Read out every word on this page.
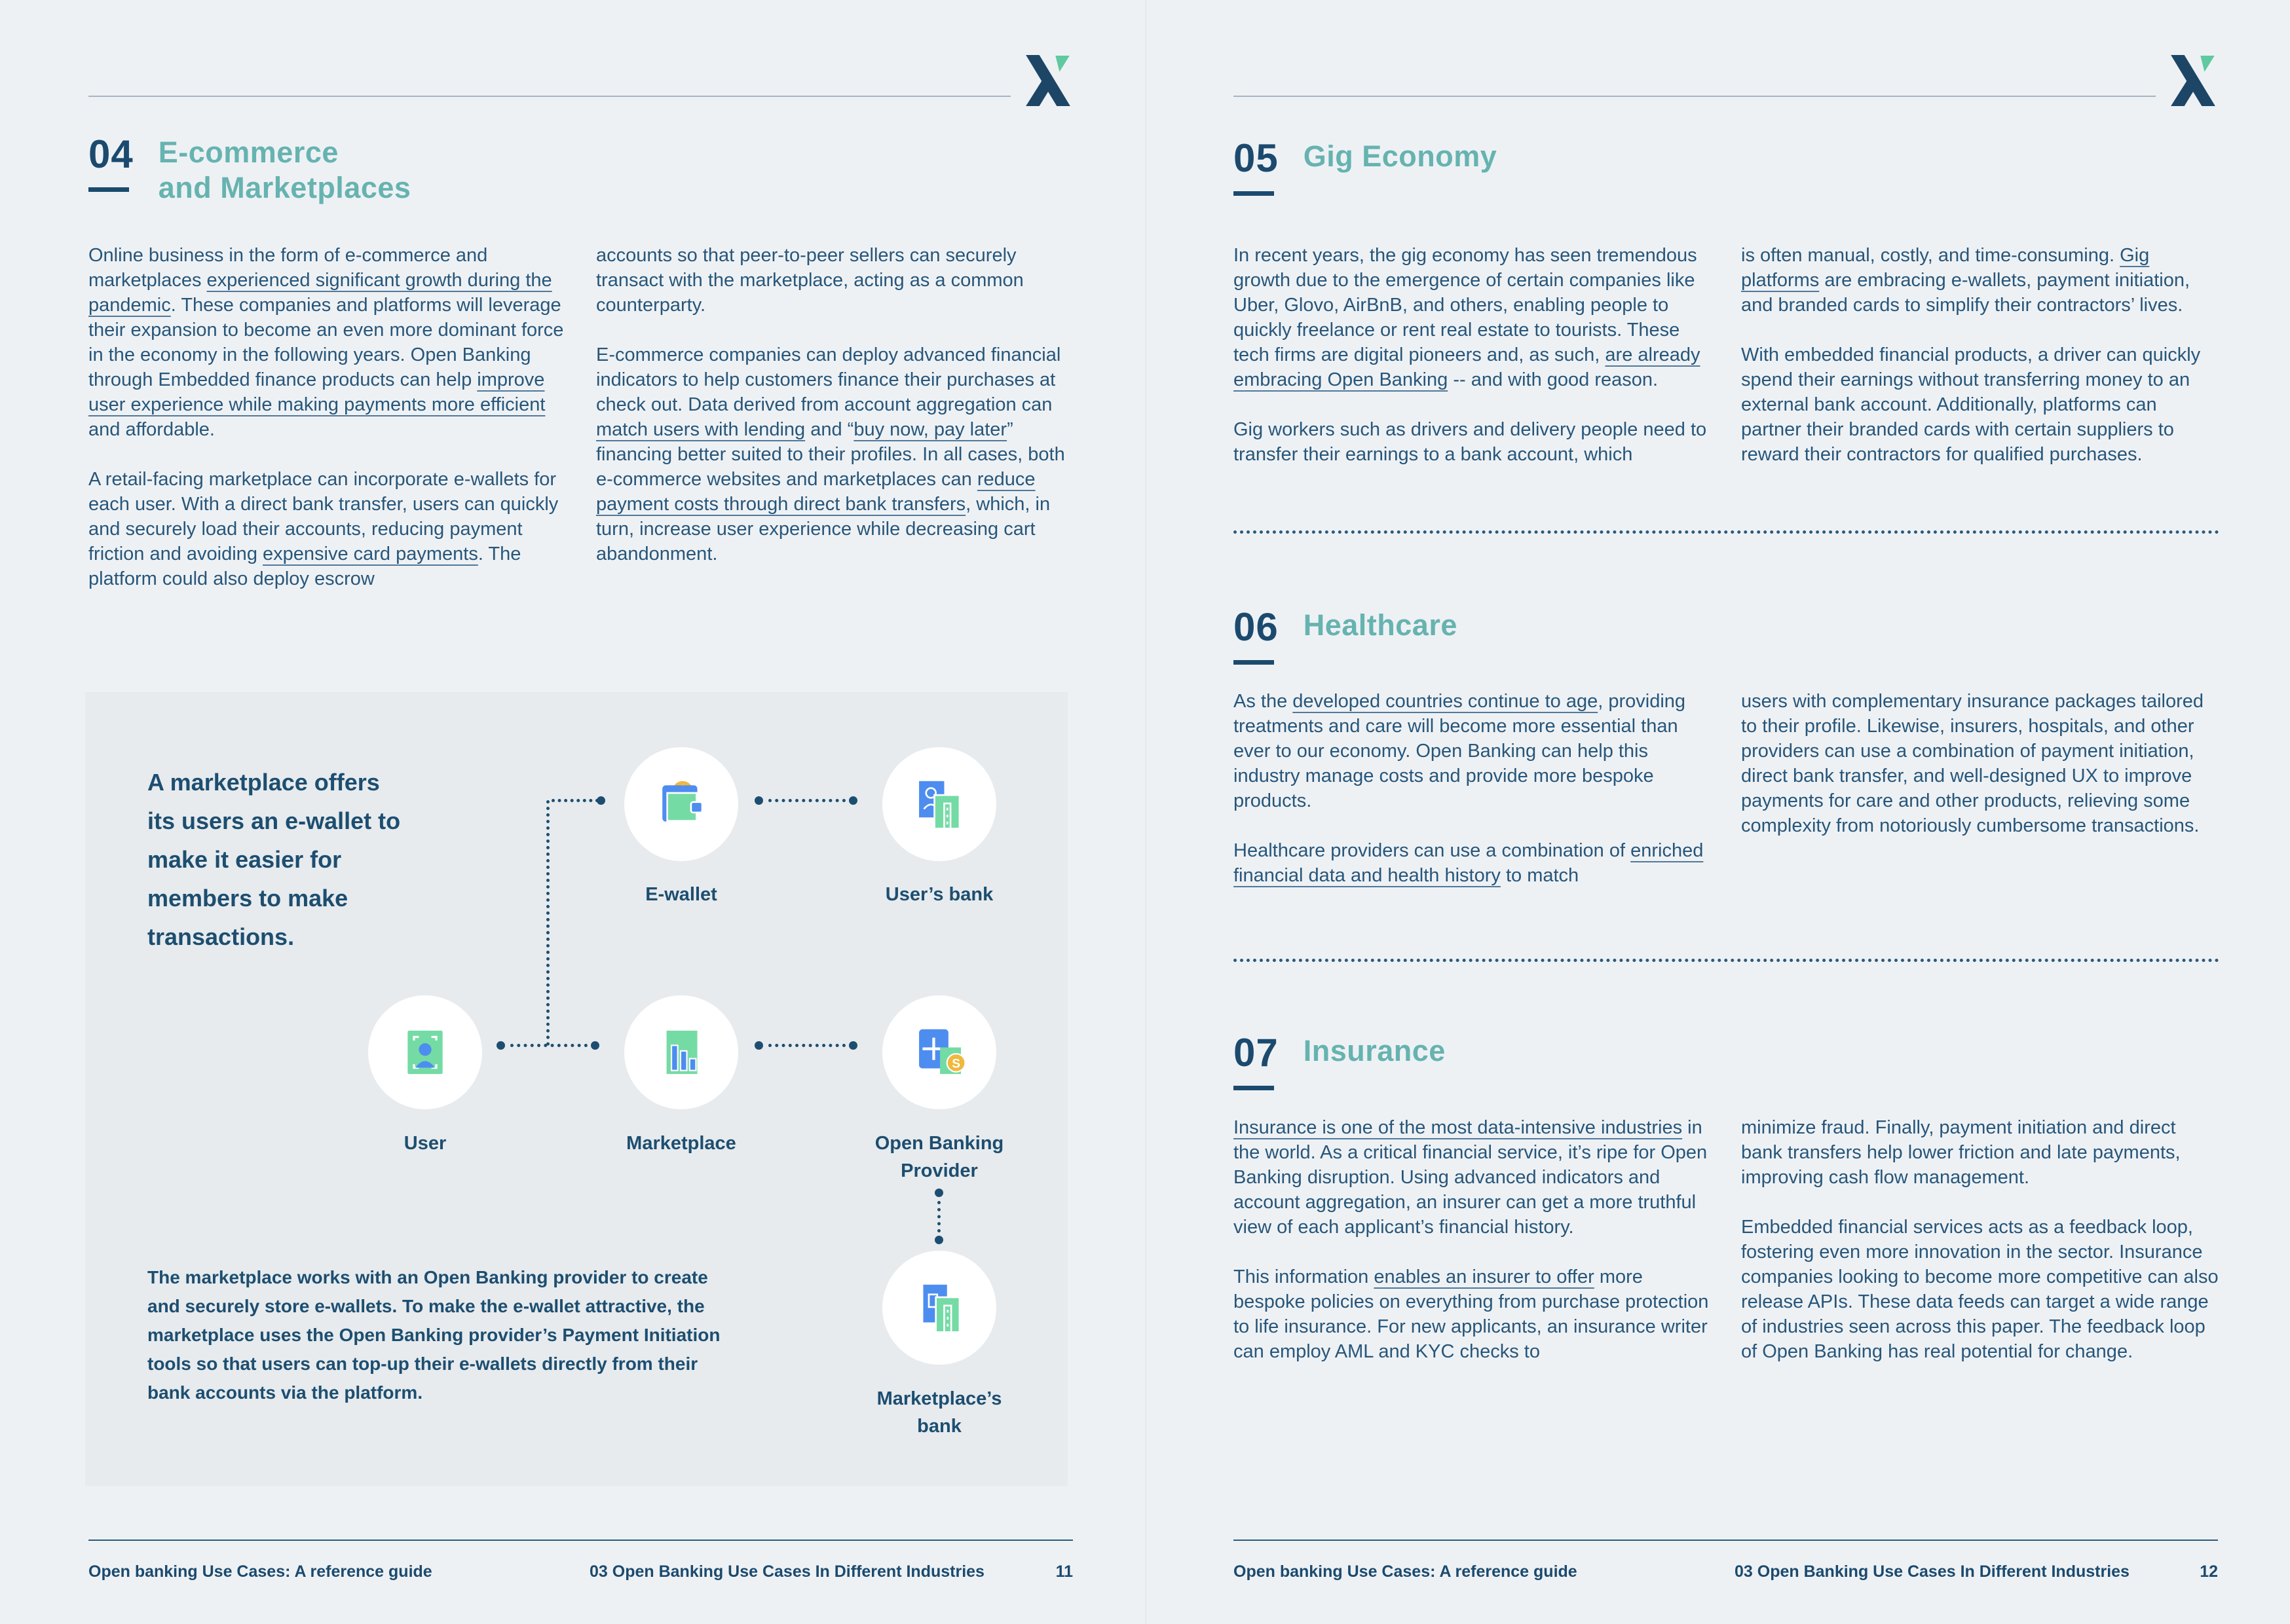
04 E-commerce
and Marketplaces

Online business in the form of e-commerce and marketplaces experienced significant growth during the pandemic. These companies and platforms will leverage their expansion to become an even more dominant force in the economy in the following years. Open Banking through Embedded finance products can help improve user experience while making payments more efficient and affordable.

A retail-facing marketplace can incorporate e-wallets for each user. With a direct bank transfer, users can quickly and securely load their accounts, reducing payment friction and avoiding expensive card payments. The platform could also deploy escrow

accounts so that peer-to-peer sellers can securely transact with the marketplace, acting as a common counterparty.

E-commerce companies can deploy advanced financial indicators to help customers finance their purchases at check out. Data derived from account aggregation can match users with lending and “buy now, pay later” financing better suited to their profiles. In all cases, both e-commerce websites and marketplaces can reduce payment costs through direct bank transfers, which, in turn, increase user experience while decreasing cart abandonment.

A marketplace offers its users an e-wallet to make it easier for members to make transactions.
E-wallet	User’s bank
User	Marketplace
S
Open Banking
Provider
Marketplace’s
bank
The marketplace works with an Open Banking provider to create and securely store e-wallets. To make the e-wallet attractive, the marketplace uses the Open Banking provider’s Payment Initiation tools so that users can top-up their e-wallets directly from their bank accounts via the platform.
Open banking Use Cases: A reference guide	03 Open Banking Use Cases In Different Industries	11
05 Gig Economy

In recent years, the gig economy has seen tremendous growth due to the emergence of certain companies like Uber, Glovo, AirBnB, and others, enabling people to quickly freelance or rent real estate to tourists. These tech firms are digital pioneers and, as such, are already embracing Open Banking -- and with good reason.

Gig workers such as drivers and delivery people need to transfer their earnings to a bank account, which

is often manual, costly, and time-consuming. Gig platforms are embracing e-wallets, payment initiation, and branded cards to simplify their contractors’ lives.

With embedded financial products, a driver can quickly spend their earnings without transferring money to an external bank account. Additionally, platforms can partner their branded cards with certain suppliers to reward their contractors for qualified purchases.

06 Healthcare

As the developed countries continue to age, providing treatments and care will become more essential than ever to our economy. Open Banking can help this industry manage costs and provide more bespoke products.

Healthcare providers can use a combination of enriched financial data and health history to match

users with complementary insurance packages tailored to their profile. Likewise, insurers, hospitals, and other providers can use a combination of payment initiation, direct bank transfer, and well-designed UX to improve payments for care and other products, relieving some complexity from notoriously cumbersome transactions.

07 Insurance

Insurance is one of the most data-intensive industries in the world. As a critical financial service, it’s ripe for Open Banking disruption. Using advanced indicators and account aggregation, an insurer can get a more truthful view of each applicant’s financial history.

This information enables an insurer to offer more bespoke policies on everything from purchase protection to life insurance. For new applicants, an insurance writer can employ AML and KYC checks to

minimize fraud. Finally, payment initiation and direct bank transfers help lower friction and late payments, improving cash flow management.

Embedded financial services acts as a feedback loop, fostering even more innovation in the sector. Insurance companies looking to become more competitive can also release APIs. These data feeds can target a wide range of industries seen across this paper. The feedback loop of Open Banking has real potential for change.

Open banking Use Cases: A reference guide	03 Open Banking Use Cases In Different Industries	12
